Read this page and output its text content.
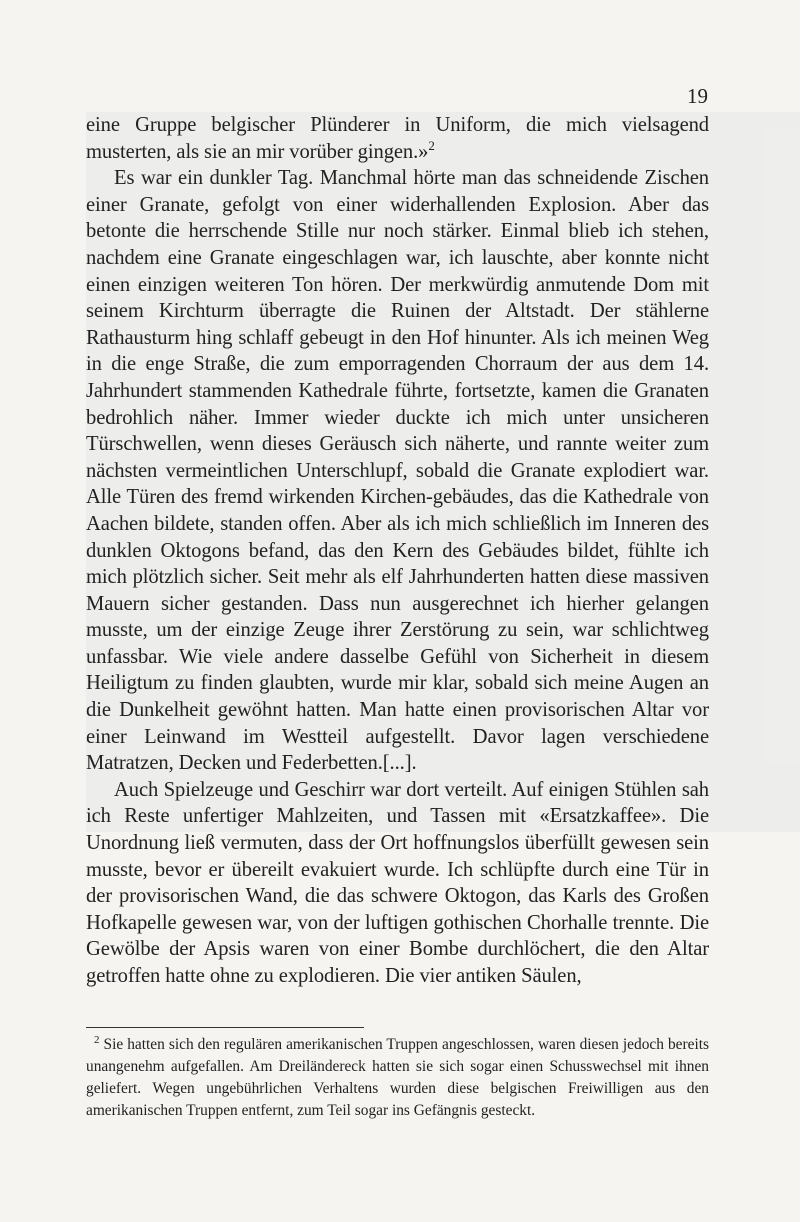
19

eine Gruppe belgischer Plünderer in Uniform, die mich vielsagend musterten, als sie an mir vorüber gingen.»$^2$

Es war ein dunkler Tag. Manchmal hörte man das schneidende Zischen einer Granate, gefolgt von einer widerhallenden Explosion. Aber das betonte die herrschende Stille nur noch stärker. Einmal blieb ich stehen, nachdem eine Granate eingeschlagen war, ich lauschte, aber konnte nicht einen einzigen weiteren Ton hören. Der merkwürdig anmutende Dom mit seinem Kirchturm überragte die Ruinen der Altstadt. Der stählerne Rathausturm hing schlaff gebeugt in den Hof hinunter. Als ich meinen Weg in die enge Straße, die zum emporragenden Chorraum der aus dem 14. Jahrhundert stammenden Kathedrale führte, fortsetzte, kamen die Granaten bedrohlich näher. Immer wieder duckte ich mich unter unsicheren Türschwellen, wenn dieses Geräusch sich näherte, und rannte weiter zum nächsten vermeintlichen Unterschlupf, sobald die Granate explodiert war. Alle Türen des fremd wirkenden Kirchen-gebäudes, das die Kathedrale von Aachen bildete, standen offen. Aber als ich mich schließlich im Inneren des dunklen Oktogons befand, das den Kern des Gebäudes bildet, fühlte ich mich plötzlich sicher. Seit mehr als elf Jahrhunderten hatten diese massiven Mauern sicher gestanden. Dass nun ausgerechnet ich hierher gelangen musste, um der einzige Zeuge ihrer Zerstörung zu sein, war schlichtweg unfassbar. Wie viele andere dasselbe Gefühl von Sicherheit in diesem Heiligtum zu finden glaubten, wurde mir klar, sobald sich meine Augen an die Dunkelheit gewöhnt hatten. Man hatte einen provisorischen Altar vor einer Leinwand im Westteil aufgestellt. Davor lagen verschiedene Matratzen, Decken und Federbetten.[...].

Auch Spielzeuge und Geschirr war dort verteilt. Auf einigen Stühlen sah ich Reste unfertiger Mahlzeiten, und Tassen mit «Ersatzkaffee». Die Unordnung ließ vermuten, dass der Ort hoffnungslos überfüllt gewesen sein musste, bevor er übereilt evakuiert wurde. Ich schlüpfte durch eine Tür in der provisorischen Wand, die das schwere Oktogon, das Karls des Großen Hofkapelle gewesen war, von der luftigen gothischen Chorhalle trennte. Die Gewölbe der Apsis waren von einer Bombe durchlöchert, die den Altar getroffen hatte ohne zu explodieren. Die vier antiken Säulen,

$^2$ Sie hatten sich den regulären amerikanischen Truppen angeschlossen, waren diesen jedoch bereits unangenehm aufgefallen. Am Dreiländereck hatten sie sich sogar einen Schusswechsel mit ihnen geliefert. Wegen ungebührlichen Verhaltens wurden diese belgischen Freiwilligen aus den amerikanischen Truppen entfernt, zum Teil sogar ins Gefängnis gesteckt.
